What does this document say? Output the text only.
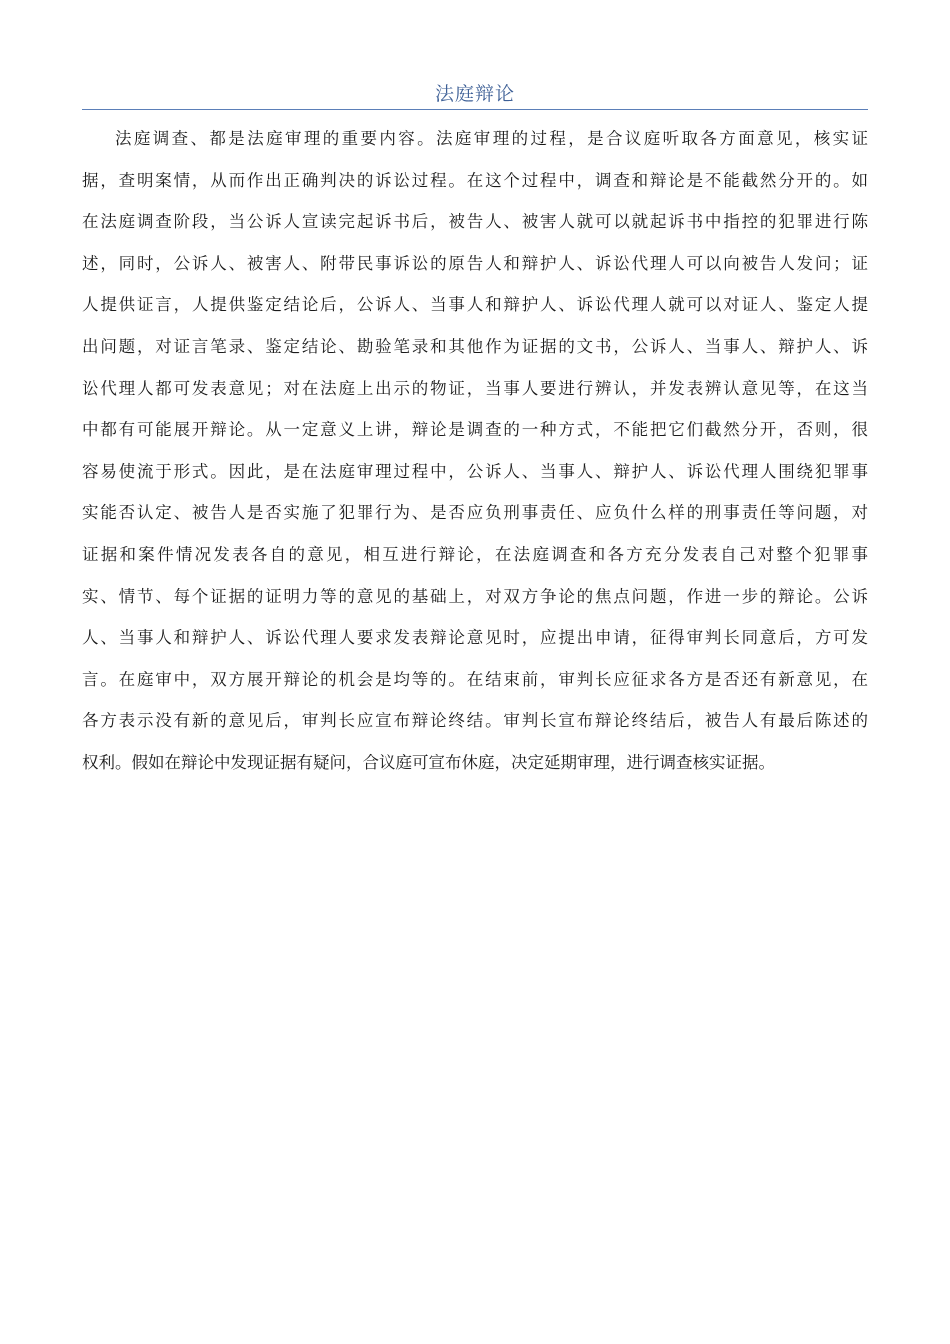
法庭辩论
法庭调查、都是法庭审理的重要内容。法庭审理的过程，是合议庭听取各方面意见，核实证
据，查明案情，从而作出正确判决的诉讼过程。在这个过程中，调查和辩论是不能截然分开的。如
在法庭调查阶段，当公诉人宣读完起诉书后，被告人、被害人就可以就起诉书中指控的犯罪进行陈
述，同时，公诉人、被害人、附带民事诉讼的原告人和辩护人、诉讼代理人可以向被告人发问；证
人提供证言，人提供鉴定结论后，公诉人、当事人和辩护人、诉讼代理人就可以对证人、鉴定人提
出问题，对证言笔录、鉴定结论、勘验笔录和其他作为证据的文书，公诉人、当事人、辩护人、诉
讼代理人都可发表意见；对在法庭上出示的物证，当事人要进行辨认，并发表辨认意见等，在这当
中都有可能展开辩论。从一定意义上讲，辩论是调查的一种方式，不能把它们截然分开，否则，很
容易使流于形式。因此，是在法庭审理过程中，公诉人、当事人、辩护人、诉讼代理人围绕犯罪事
实能否认定、被告人是否实施了犯罪行为、是否应负刑事责任、应负什么样的刑事责任等问题，对
证据和案件情况发表各自的意见，相互进行辩论，在法庭调查和各方充分发表自己对整个犯罪事
实、情节、每个证据的证明力等的意见的基础上，对双方争论的焦点问题，作进一步的辩论。公诉
人、当事人和辩护人、诉讼代理人要求发表辩论意见时，应提出申请，征得审判长同意后，方可发
言。在庭审中，双方展开辩论的机会是均等的。在结束前，审判长应征求各方是否还有新意见，在
各方表示没有新的意见后，审判长应宣布辩论终结。审判长宣布辩论终结后，被告人有最后陈述的
权利。假如在辩论中发现证据有疑问，合议庭可宣布休庭，决定延期审理，进行调查核实证据。
